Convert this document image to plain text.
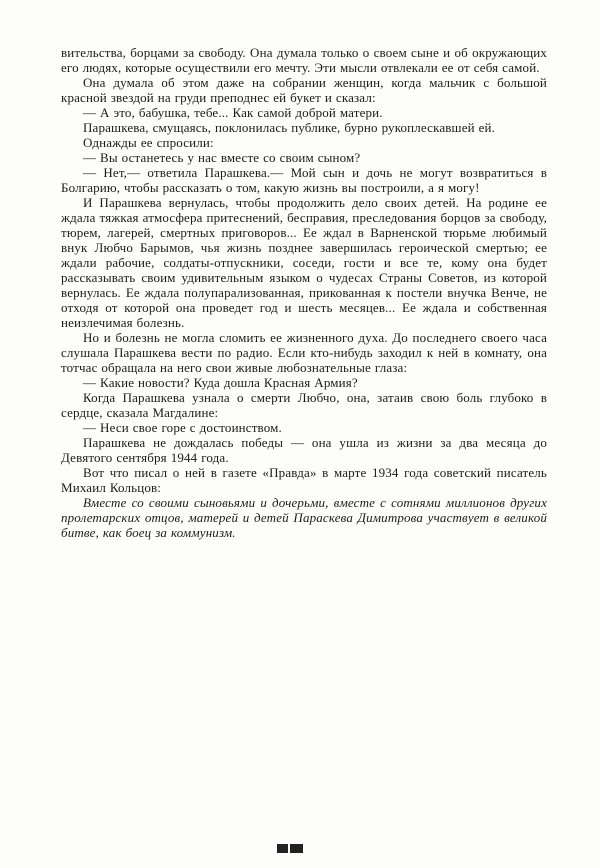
вительства, борцами за свободу. Она думала только о своем сыне и об окружающих его людях, которые осуществили его мечту. Эти мысли отвлекали ее от себя самой.
Она думала об этом даже на собрании женщин, когда мальчик с большой красной звездой на груди преподнес ей букет и сказал:
— А это, бабушка, тебе... Как самой доброй матери.
Парашкева, смущаясь, поклонилась публике, бурно рукоплескавшей ей.
Однажды ее спросили:
— Вы останетесь у нас вместе со своим сыном?
— Нет,— ответила Парашкева.— Мой сын и дочь не могут возвратиться в Болгарию, чтобы рассказать о том, какую жизнь вы построили, а я могу!
И Парашкева вернулась, чтобы продолжить дело своих детей. На родине ее ждала тяжкая атмосфера притеснений, бесправия, преследования борцов за свободу, тюрем, лагерей, смертных приговоров... Ее ждал в Варненской тюрьме любимый внук Любчо Барымов, чья жизнь позднее завершилась героической смертью; ее ждали рабочие, солдаты-отпускники, соседи, гости и все те, кому она будет рассказывать своим удивительным языком о чудесах Страны Советов, из которой вернулась. Ее ждала полупарализованная, прикованная к постели внучка Венче, не отходя от которой она проведет год и шесть месяцев... Ее ждала и собственная неизлечимая болезнь.
Но и болезнь не могла сломить ее жизненного духа. До последнего своего часа слушала Парашкева вести по радио. Если кто-нибудь заходил к ней в комнату, она тотчас обращала на него свои живые любознательные глаза:
— Какие новости? Куда дошла Красная Армия?
Когда Парашкева узнала о смерти Любчо, она, затаив свою боль глубоко в сердце, сказала Магдалине:
— Неси свое горе с достоинством.
Парашкева не дождалась победы — она ушла из жизни за два месяца до Девятого сентября 1944 года.
Вот что писал о ней в газете «Правда» в марте 1934 года советский писатель Михаил Кольцов:
Вместе со своими сыновьями и дочерьми, вместе с сотнями миллионов других пролетарских отцов, матерей и детей Параскева Димитрова участвует в великой битве, как боец за коммунизм.
